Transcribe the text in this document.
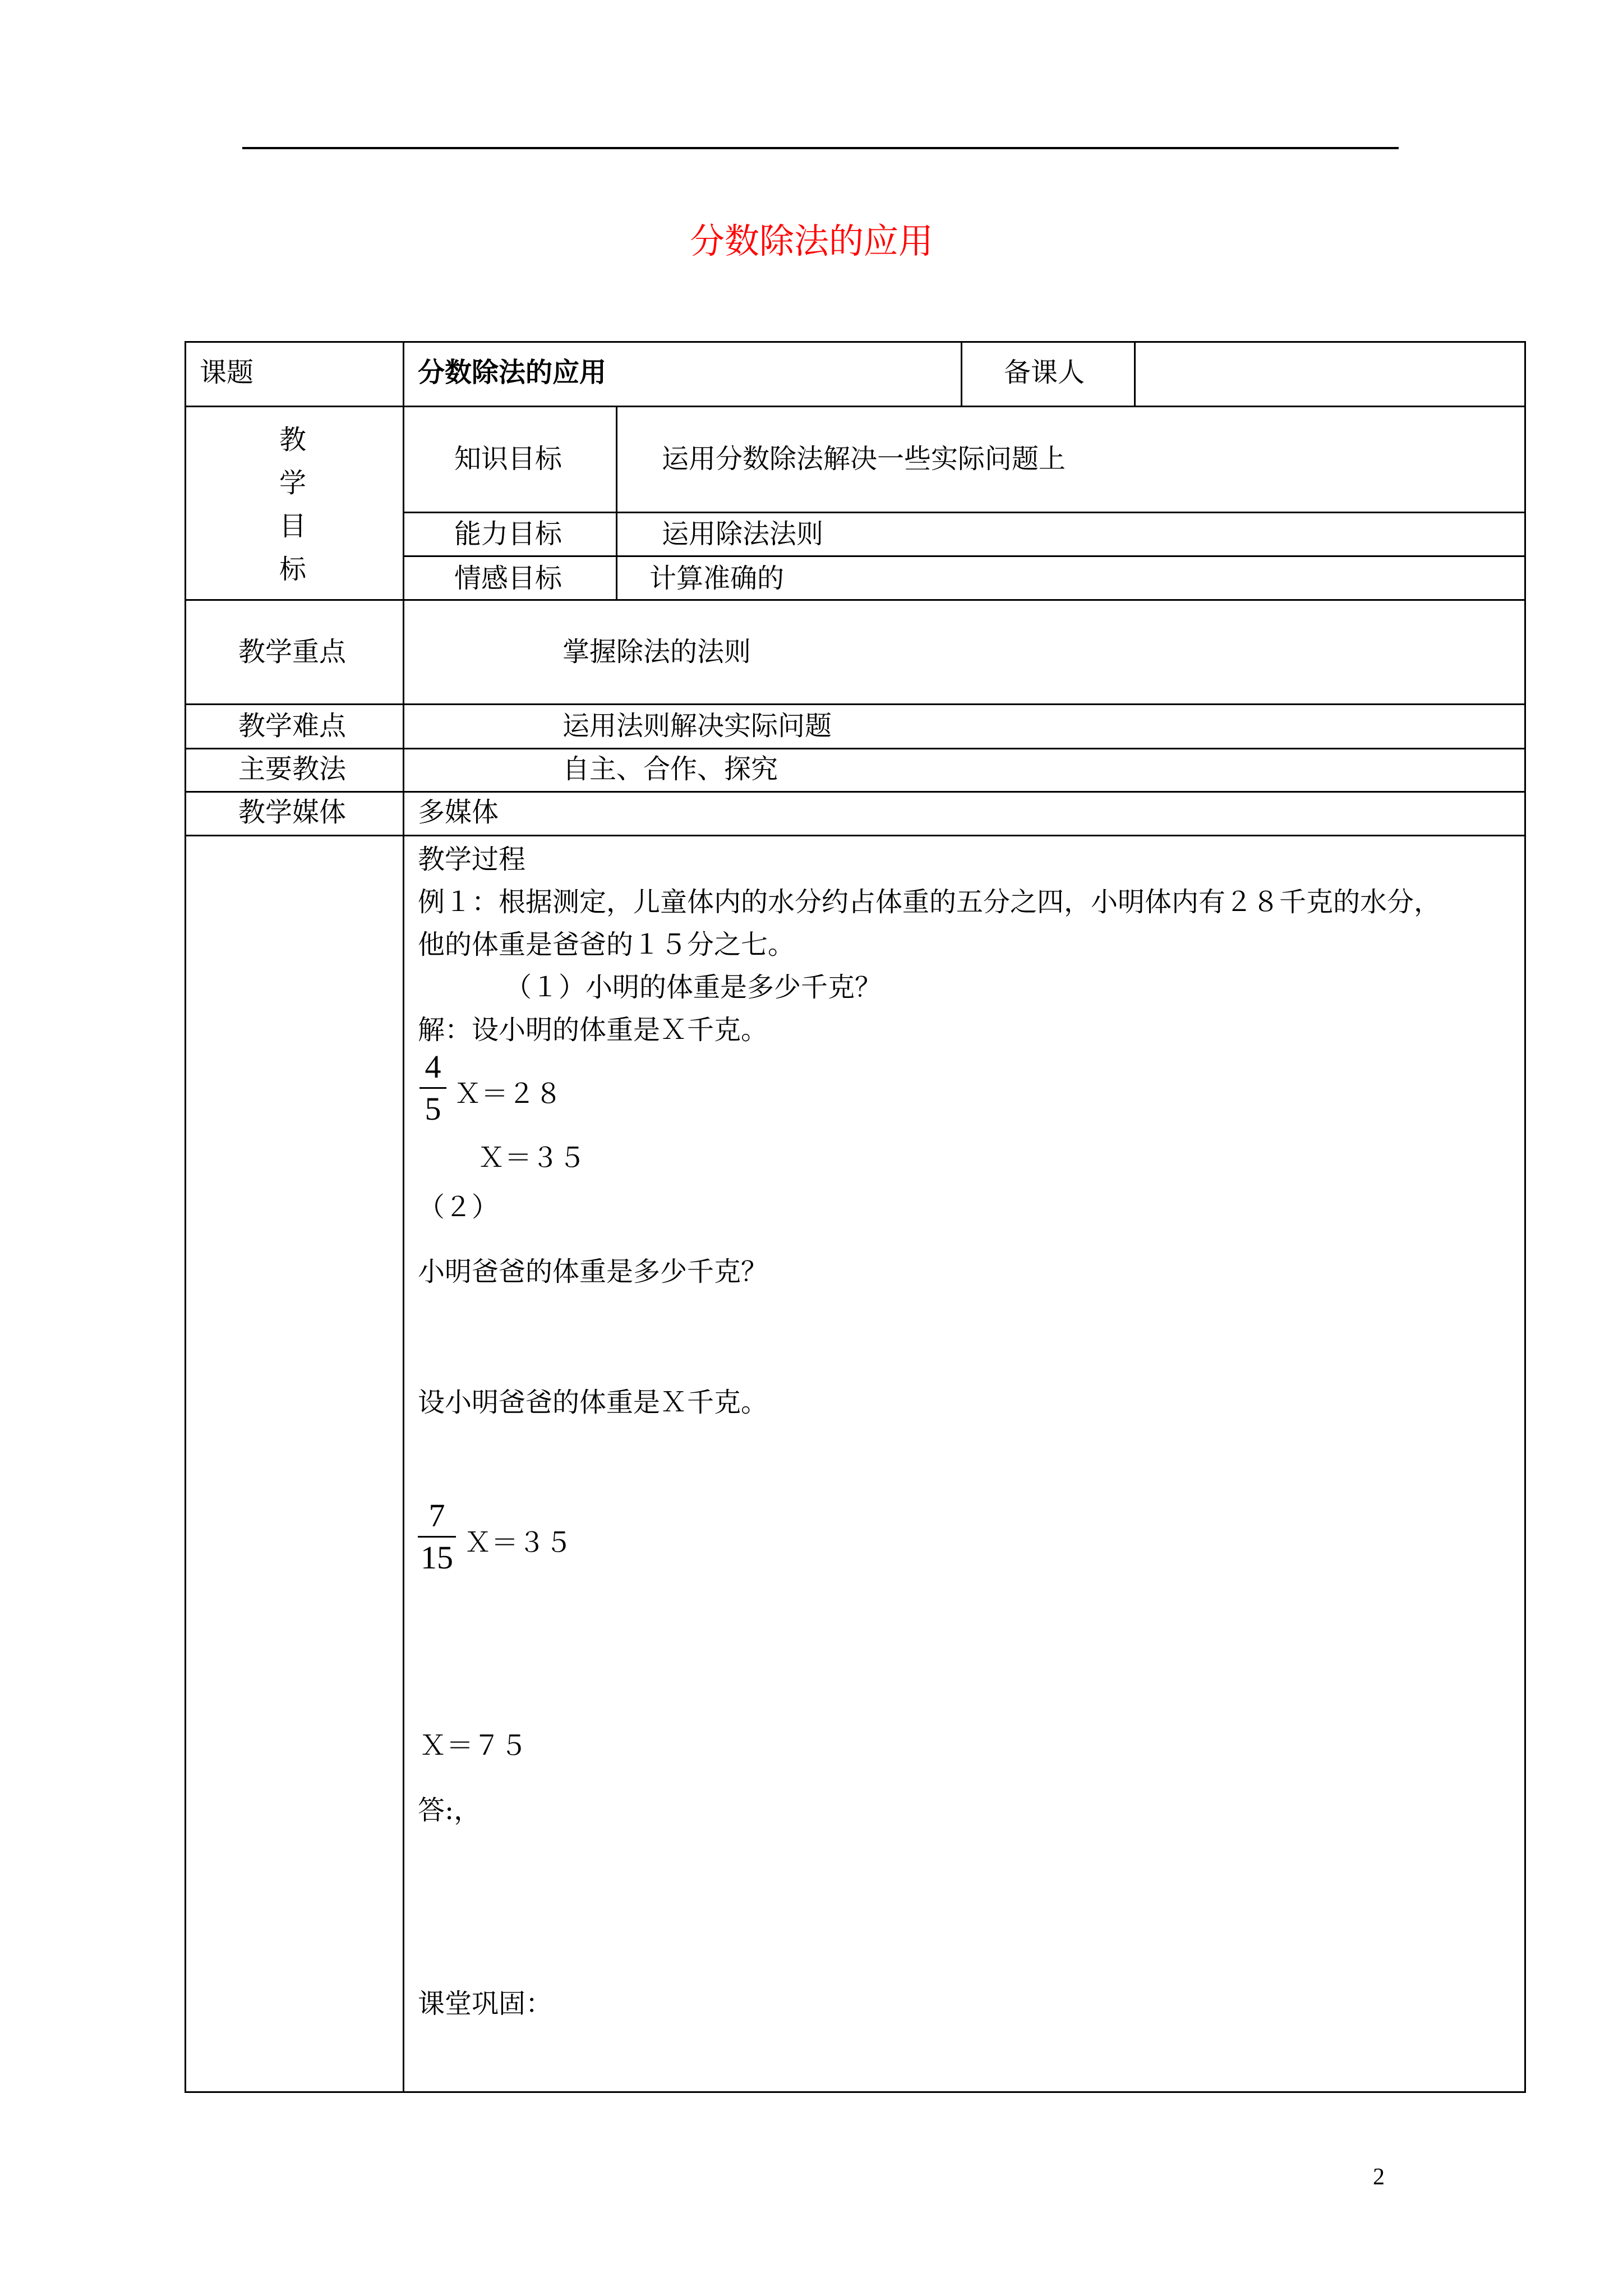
分数除法的应用
课题	分数除法的应用	备课人
教
学
目
标
知识目标	运用分数除法解决一些实际问题上
能力目标	运用除法法则
情感目标	计算准确的
教学重点	掌握除法的法则
教学难点	运用法则解决实际问题
主要教法	自主、合作、探究
教学媒体	多媒体
教学过程
例１：根据测定，儿童体内的水分约占体重的五分之四，小明体内有２８千克的水分，
他的体重是爸爸的１５分之七。
（１）小明的体重是多少千克？
解：设小明的体重是Ｘ千克。
4
5 Ｘ＝２８
Ｘ＝３５
（２）
小明爸爸的体重是多少千克？
设小明爸爸的体重是Ｘ千克。
7
15 Ｘ＝３５
Ｘ＝７５
答:，
课堂巩固：
2
